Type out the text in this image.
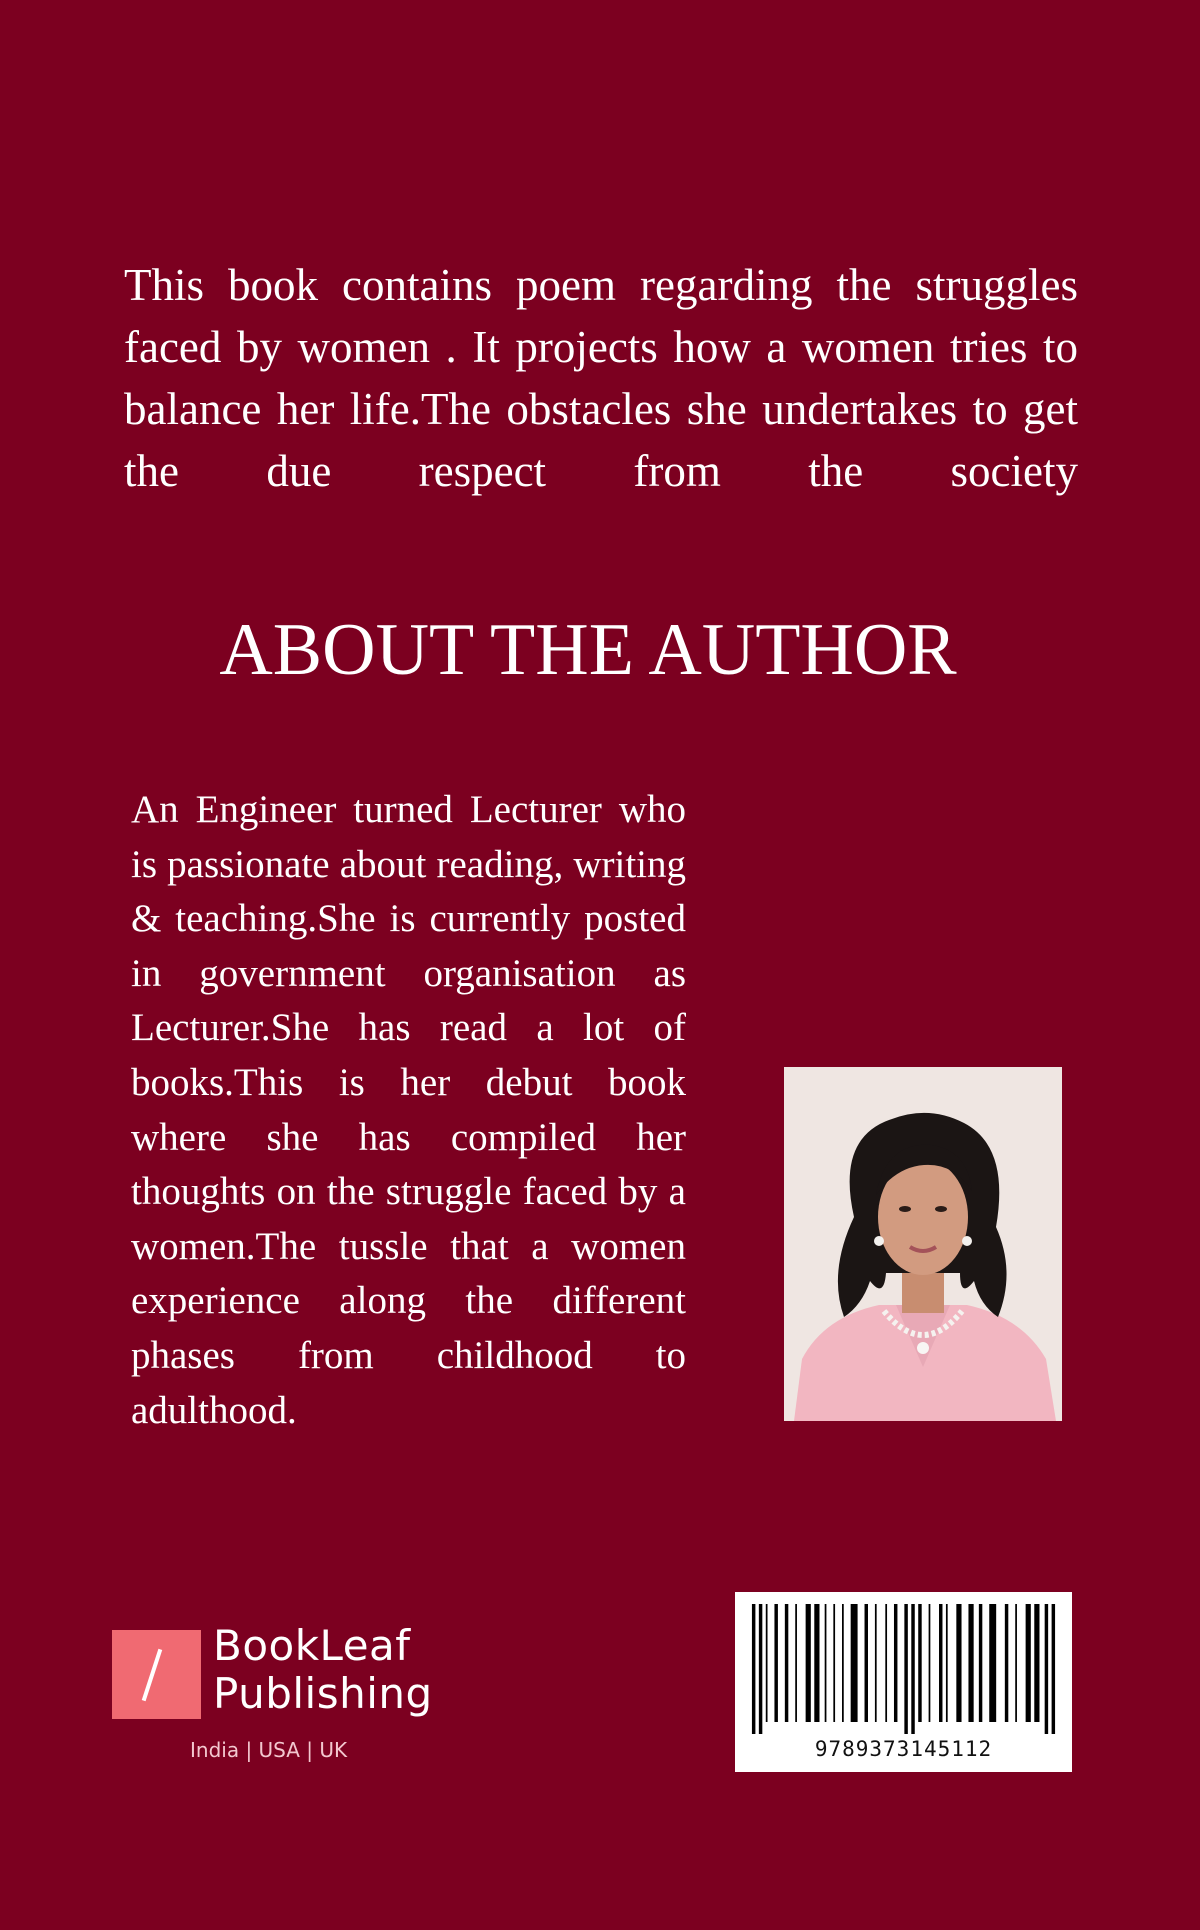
This book contains poem regarding the struggles faced by women . It projects how a women tries to balance her life.The obstacles she undertakes to get the due respect from the society

ABOUT THE AUTHOR

An Engineer turned Lecturer who is passionate about reading, writing & teaching.She is currently posted in government organisation as Lecturer.She has read a lot of books.This is her debut book where she has compiled her thoughts on the struggle faced by a women.The tussle that a women experience along the different phases from childhood to adulthood.

BookLeaf
Publishing
India | USA | UK	9789373145112
